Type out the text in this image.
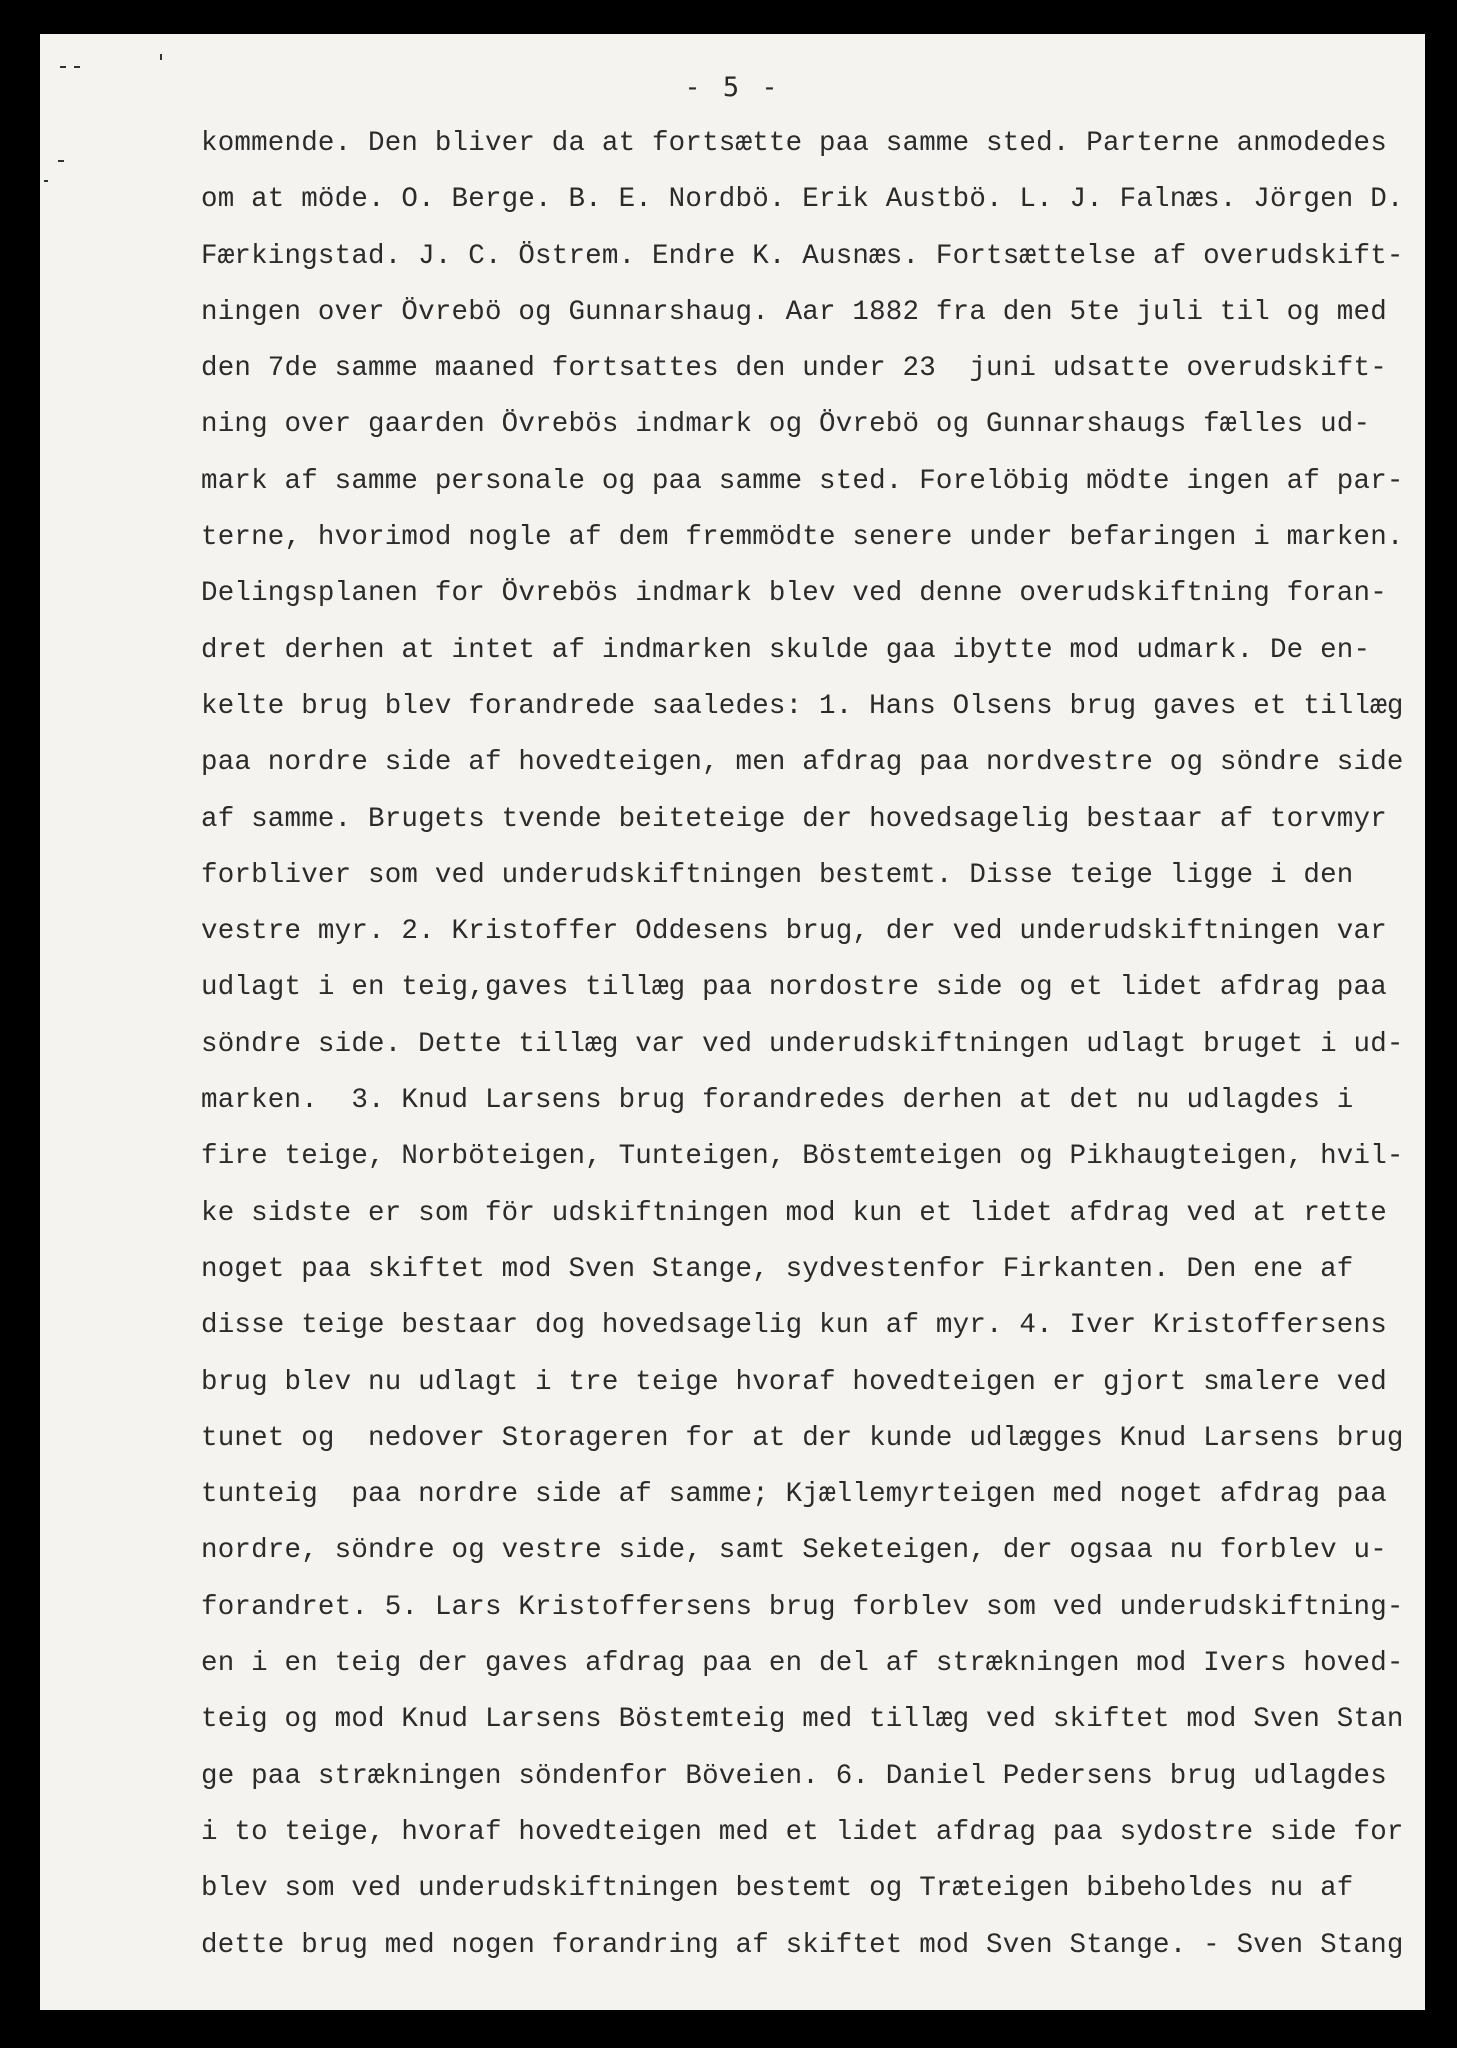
- 5 -
kommende. Den bliver da at fortsætte paa samme sted. Parterne anmodedes
om at möde. O. Berge. B. E. Nordbö. Erik Austbö. L. J. Falnæs. Jörgen D.
Færkingstad. J. C. Östrem. Endre K. Ausnæs. Fortsættelse af overudskift-
ningen over Övrebö og Gunnarshaug. Aar 1882 fra den 5te juli til og med
den 7de samme maaned fortsattes den under 23  juni udsatte overudskift-
ning over gaarden Övrebös indmark og Övrebö og Gunnarshaugs fælles ud-
mark af samme personale og paa samme sted. Forelöbig mödte ingen af par-
terne, hvorimod nogle af dem fremmödte senere under befaringen i marken.
Delingsplanen for Övrebös indmark blev ved denne overudskiftning foran-
dret derhen at intet af indmarken skulde gaa ibytte mod udmark. De en-
kelte brug blev forandrede saaledes: 1. Hans Olsens brug gaves et tillæg
paa nordre side af hovedteigen, men afdrag paa nordvestre og söndre side
af samme. Brugets tvende beiteteige der hovedsagelig bestaar af torvmyr
forbliver som ved underudskiftningen bestemt. Disse teige ligge i den
vestre myr. 2. Kristoffer Oddesens brug, der ved underudskiftningen var
udlagt i en teig,gaves tillæg paa nordostre side og et lidet afdrag paa
söndre side. Dette tillæg var ved underudskiftningen udlagt bruget i ud-
marken.  3. Knud Larsens brug forandredes derhen at det nu udlagdes i
fire teige, Norböteigen, Tunteigen, Böstemteigen og Pikhaugteigen, hvil-
ke sidste er som för udskiftningen mod kun et lidet afdrag ved at rette
noget paa skiftet mod Sven Stange, sydvestenfor Firkanten. Den ene af
disse teige bestaar dog hovedsagelig kun af myr. 4. Iver Kristoffersens
brug blev nu udlagt i tre teige hvoraf hovedteigen er gjort smalere ved
tunet og  nedover Storageren for at der kunde udlægges Knud Larsens brug
tunteig  paa nordre side af samme; Kjællemyrteigen med noget afdrag paa
nordre, söndre og vestre side, samt Seketeigen, der ogsaa nu forblev u-
forandret. 5. Lars Kristoffersens brug forblev som ved underudskiftning-
en i en teig der gaves afdrag paa en del af strækningen mod Ivers hoved-
teig og mod Knud Larsens Böstemteig med tillæg ved skiftet mod Sven Stan
ge paa strækningen söndenfor Böveien. 6. Daniel Pedersens brug udlagdes
i to teige, hvoraf hovedteigen med et lidet afdrag paa sydostre side for
blev som ved underudskiftningen bestemt og Træteigen bibeholdes nu af
dette brug med nogen forandring af skiftet mod Sven Stange. - Sven Stang
